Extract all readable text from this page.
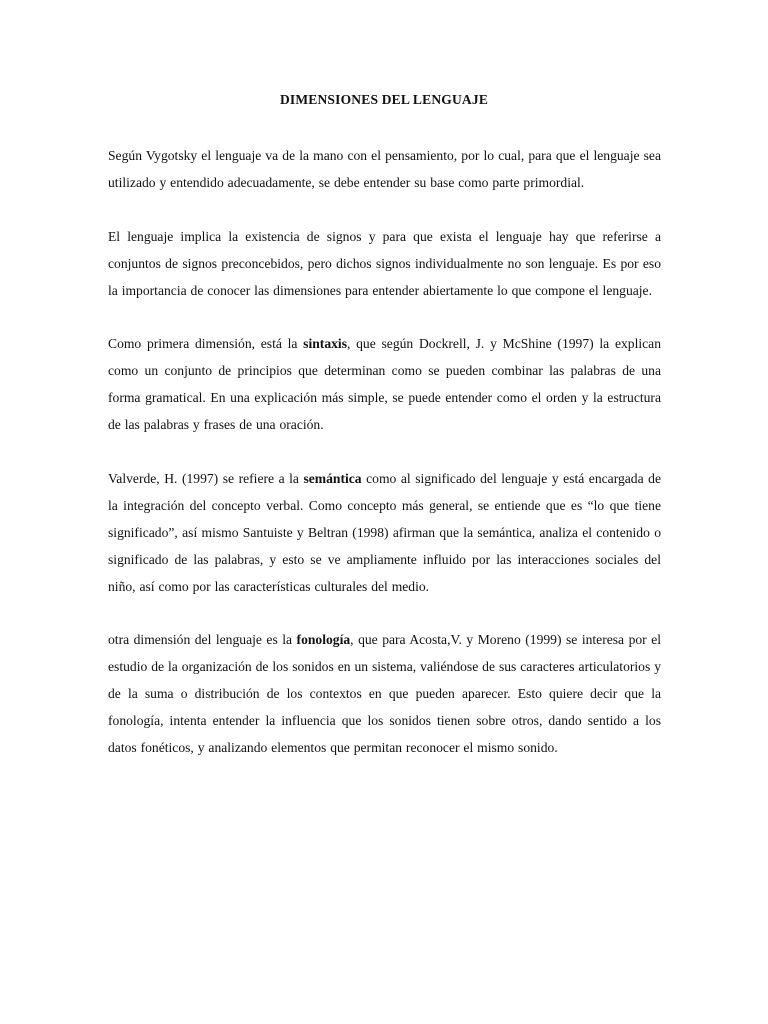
DIMENSIONES DEL LENGUAJE

Según Vygotsky el lenguaje va de la mano con el pensamiento, por lo cual, para que el lenguaje sea utilizado y entendido adecuadamente, se debe entender su base como parte primordial.

El lenguaje implica la existencia de signos y para que exista el lenguaje hay que referirse a conjuntos de signos preconcebidos, pero dichos signos individualmente no son lenguaje. Es por eso la importancia de conocer las dimensiones para entender abiertamente lo que compone el lenguaje.

Como primera dimensión, está la sintaxis, que según Dockrell, J. y McShine (1997) la explican como un conjunto de principios que determinan como se pueden combinar las palabras de una forma gramatical. En una explicación más simple, se puede entender como el orden y la estructura de las palabras y frases de una oración.

Valverde, H. (1997) se refiere a la semántica como al significado del lenguaje y está encargada de la integración del concepto verbal. Como concepto más general, se entiende que es “lo que tiene significado”, así mismo Santuiste y Beltran (1998) afirman que la semántica, analiza el contenido o significado de las palabras, y esto se ve ampliamente influido por las interacciones sociales del niño, así como por las características culturales del medio.

otra dimensión del lenguaje es la fonología, que para Acosta,V. y Moreno (1999) se interesa por el estudio de la organización de los sonidos en un sistema, valiéndose de sus caracteres articulatorios y de la suma o distribución de los contextos en que pueden aparecer. Esto quiere decir que la fonología, intenta entender la influencia que los sonidos tienen sobre otros, dando sentido a los datos fonéticos, y analizando elementos que permitan reconocer el mismo sonido.
